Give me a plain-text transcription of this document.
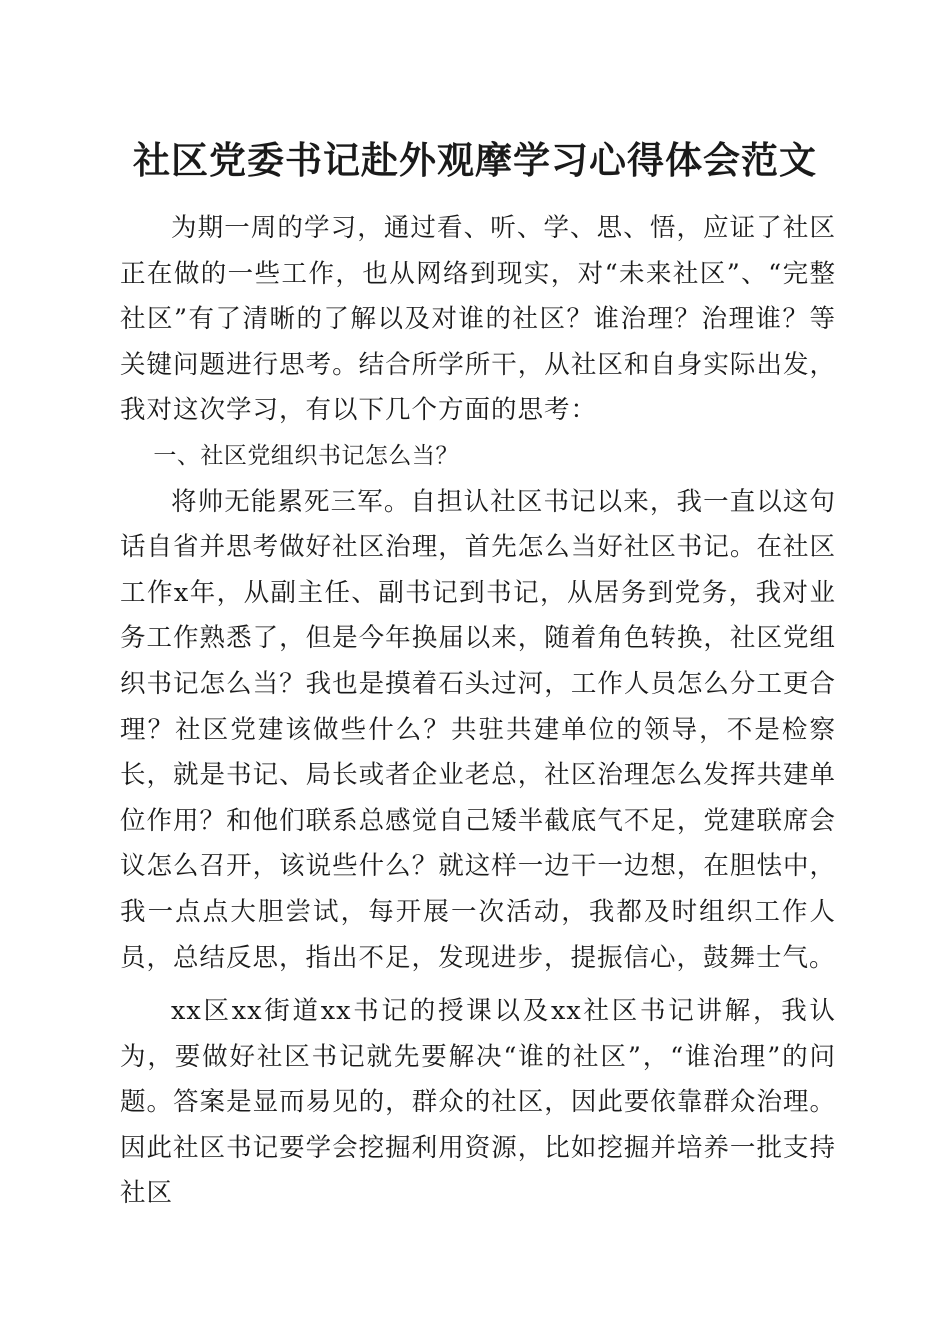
社区党委书记赴外观摩学习心得体会范文

为期一周的学习，通过看、听、学、思、悟，应证了社区正在做的一些工作，也从网络到现实，对“未来社区”、“完整社区”有了清晰的了解以及对谁的社区？谁治理？治理谁？等关键问题进行思考。结合所学所干，从社区和自身实际出发，我对这次学习，有以下几个方面的思考：

一、社区党组织书记怎么当？

将帅无能累死三军。自担认社区书记以来，我一直以这句话自省并思考做好社区治理，首先怎么当好社区书记。在社区工作x年，从副主任、副书记到书记，从居务到党务，我对业务工作熟悉了，但是今年换届以来，随着角色转换，社区党组织书记怎么当？我也是摸着石头过河，工作人员怎么分工更合理？社区党建该做些什么？共驻共建单位的领导，不是检察长，就是书记、局长或者企业老总，社区治理怎么发挥共建单位作用？和他们联系总感觉自己矮半截底气不足，党建联席会议怎么召开，该说些什么？就这样一边干一边想，在胆怯中，我一点点大胆尝试，每开展一次活动，我都及时组织工作人员，总结反思，指出不足，发现进步，提振信心，鼓舞士气。

xx区xx街道xx书记的授课以及xx社区书记讲解，我认为，要做好社区书记就先要解决“谁的社区”，“谁治理”的问题。答案是显而易见的，群众的社区，因此要依靠群众治理。因此社区书记要学会挖掘利用资源，比如挖掘并培养一批支持社区
